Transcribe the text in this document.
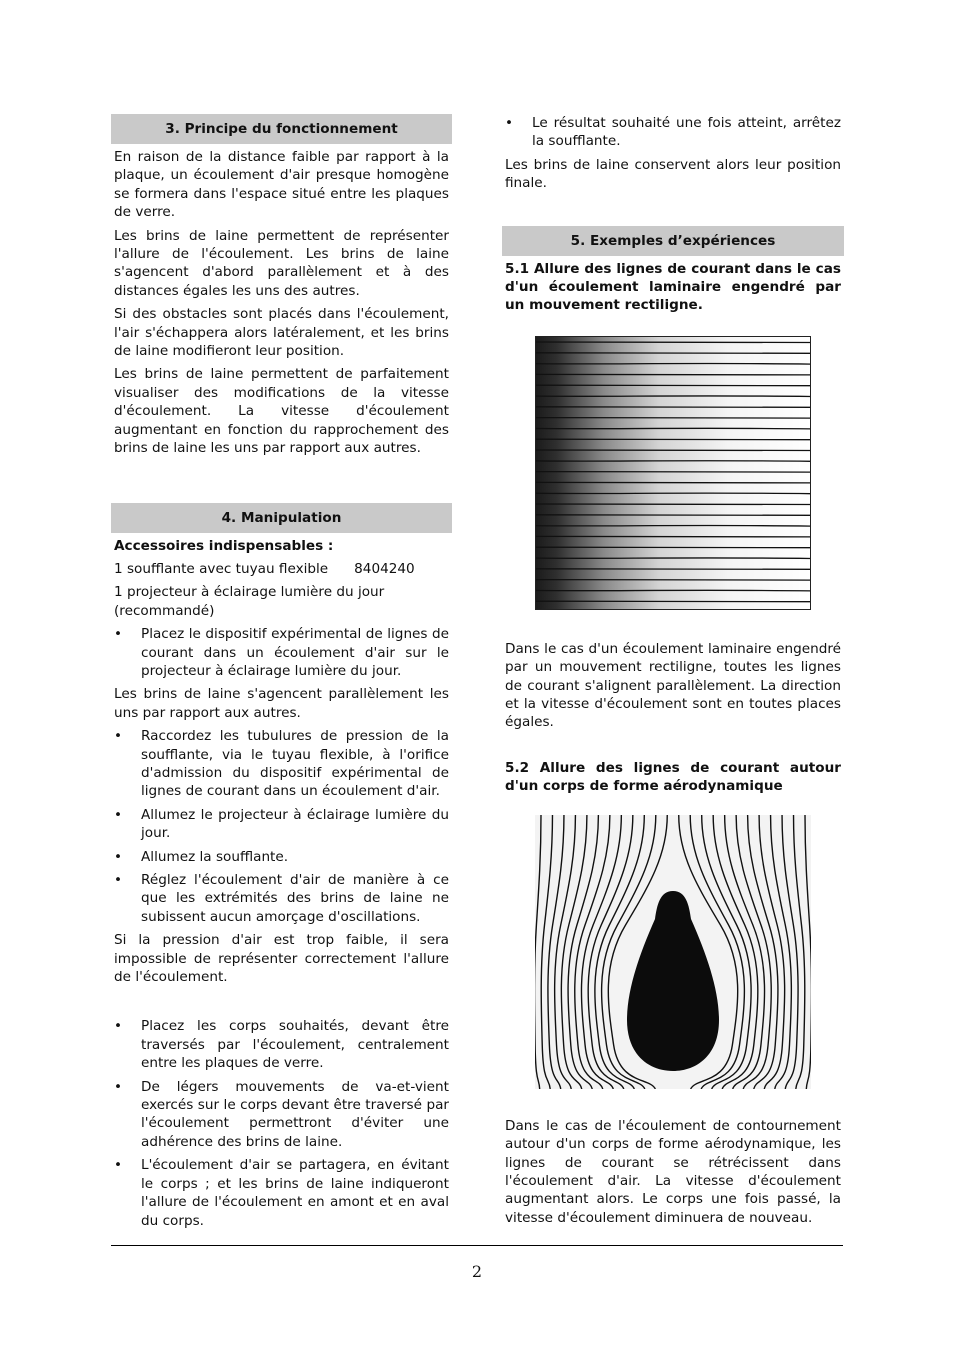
3. Principe du fonctionnement
En raison de la distance faible par rapport à la plaque, un écoulement d'air presque homogène se formera dans l'espace situé entre les plaques de verre.
Les brins de laine permettent de représenter l'allure de l'écoulement. Les brins de laine s'agencent d'abord parallèlement et à des distances égales les uns des autres.
Si des obstacles sont placés dans l'écoulement, l'air s'échappera alors latéralement, et les brins de laine modifieront leur position.
Les brins de laine permettent de parfaitement visualiser des modifications de la vitesse d'écoulement. La vitesse d'écoulement augmentant en fonction du rapprochement des brins de laine les uns par rapport aux autres.
4. Manipulation
Accessoires indispensables :
1 soufflante avec tuyau flexible 8404240
1 projecteur à éclairage lumière du jour (recommandé)
• Placez le dispositif expérimental de lignes de courant dans un écoulement d'air sur le projecteur à éclairage lumière du jour.
Les brins de laine s'agencent parallèlement les uns par rapport aux autres.
• Raccordez les tubulures de pression de la soufflante, via le tuyau flexible, à l'orifice d'admission du dispositif expérimental de lignes de courant dans un écoulement d'air.
• Allumez le projecteur à éclairage lumière du jour.
• Allumez la soufflante.
• Réglez l'écoulement d'air de manière à ce que les extrémités des brins de laine ne subissent aucun amorçage d'oscillations.
Si la pression d'air est trop faible, il sera impossible de représenter correctement l'allure de l'écoulement.
• Placez les corps souhaités, devant être traversés par l'écoulement, centralement entre les plaques de verre.
• De légers mouvements de va-et-vient exercés sur le corps devant être traversé par l'écoulement permettront d'éviter une adhérence des brins de laine.
• L'écoulement d'air se partagera, en évitant le corps ; et les brins de laine indiqueront l'allure de l'écoulement en amont et en aval du corps.
• Le résultat souhaité une fois atteint, arrêtez la soufflante.
Les brins de laine conservent alors leur position finale.
5. Exemples d’expériences
5.1 Allure des lignes de courant dans le cas d'un écoulement laminaire engendré par un mouvement rectiligne.
Dans le cas d'un écoulement laminaire engendré par un mouvement rectiligne, toutes les lignes de courant s'alignent parallèlement. La direction et la vitesse d'écoulement sont en toutes places égales.
5.2 Allure des lignes de courant autour d'un corps de forme aérodynamique
Dans le cas de l'écoulement de contournement autour d'un corps de forme aérodynamique, les lignes de courant se rétrécissent dans l'écoulement d'air. La vitesse d'écoulement augmentant alors. Le corps une fois passé, la vitesse d'écoulement diminuera de nouveau.
2
